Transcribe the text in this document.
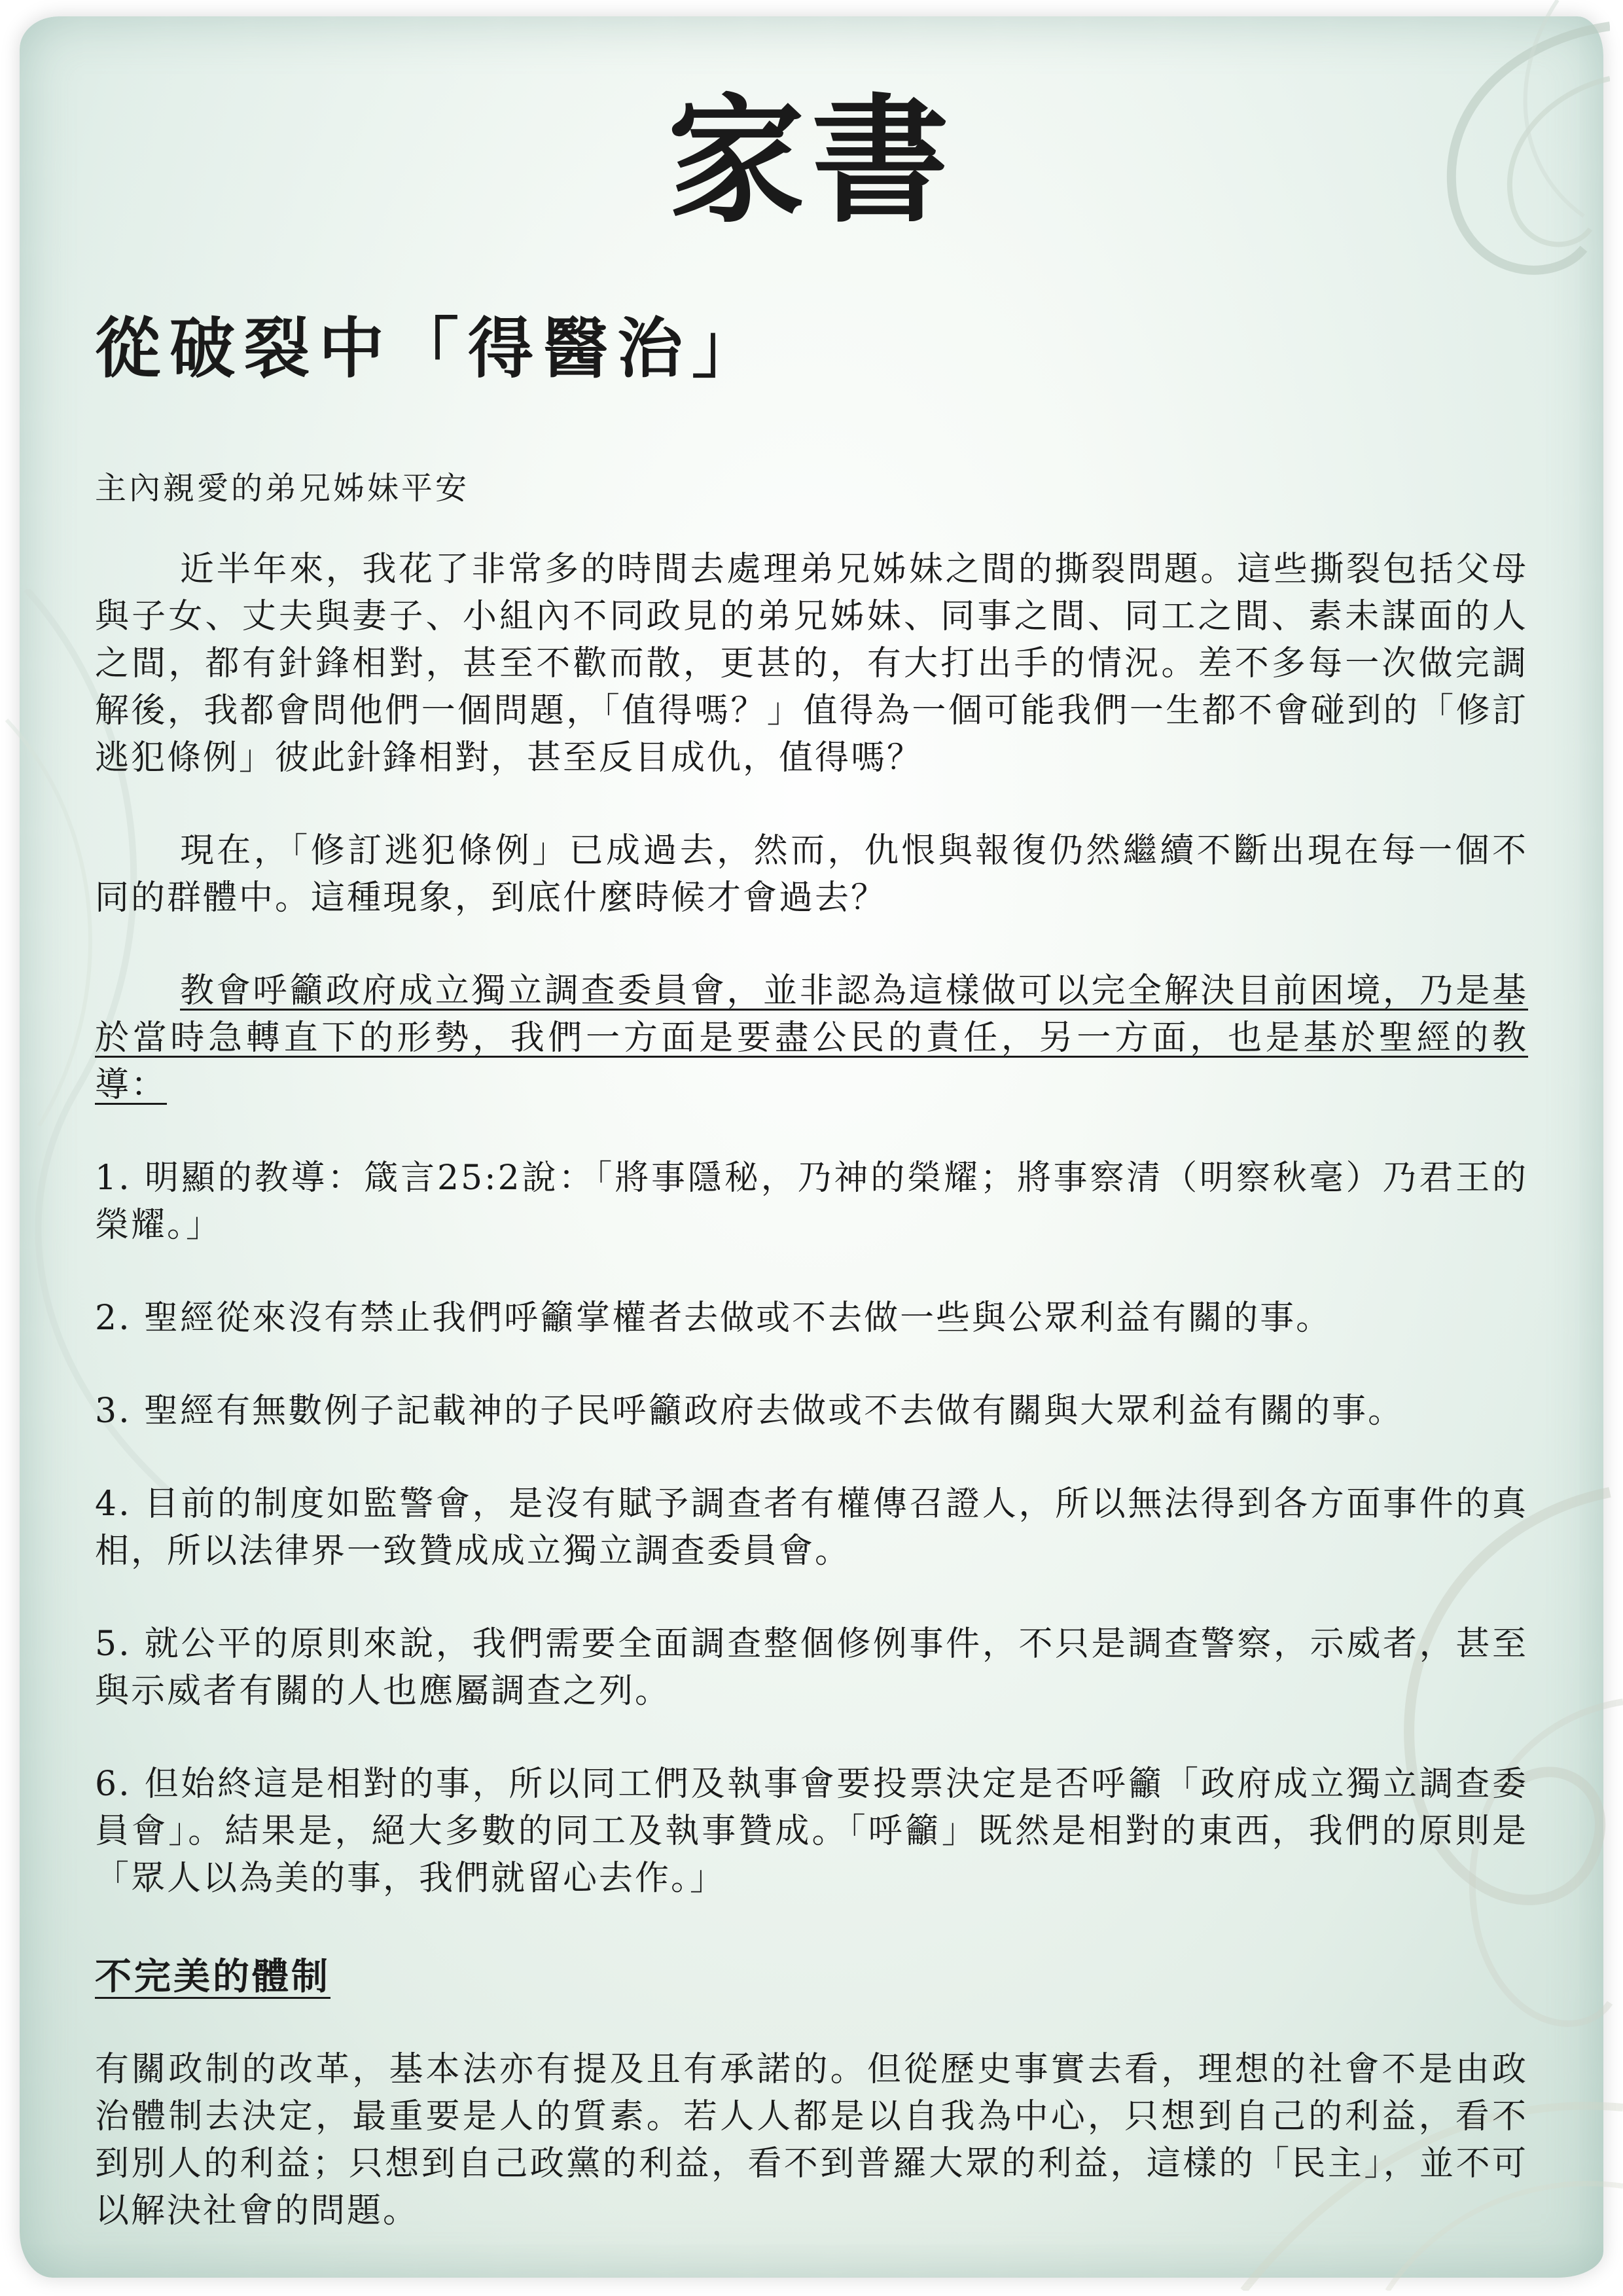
家書
從破裂中「得醫治」

主內親愛的弟兄姊妹平安

近半年來，我花了非常多的時間去處理弟兄姊妹之間的撕裂問題。這些撕裂包括父母與子女、丈夫與妻子、小組內不同政見的弟兄姊妹、同事之間、同工之間、素未謀面的人之間，都有針鋒相對，甚至不歡而散，更甚的，有大打出手的情況。差不多每一次做完調解後，我都會問他們一個問題，「值得嗎？」值得為一個可能我們一生都不會碰到的「修訂逃犯條例」彼此針鋒相對，甚至反目成仇，值得嗎？

現在，「修訂逃犯條例」已成過去，然而，仇恨與報復仍然繼續不斷出現在每一個不同的群體中。這種現象，到底什麼時候才會過去？

教會呼籲政府成立獨立調查委員會，並非認為這樣做可以完全解決目前困境，乃是基於當時急轉直下的形勢，我們一方面是要盡公民的責任，另一方面，也是基於聖經的教導：

1. 明顯的教導：箴言25:2說：「將事隱秘，乃神的榮耀；將事察清（明察秋毫）乃君王的榮耀。」

2. 聖經從來沒有禁止我們呼籲掌權者去做或不去做一些與公眾利益有關的事。

3. 聖經有無數例子記載神的子民呼籲政府去做或不去做有關與大眾利益有關的事。

4. 目前的制度如監警會，是沒有賦予調查者有權傳召證人，所以無法得到各方面事件的真相，所以法律界一致贊成成立獨立調查委員會。

5. 就公平的原則來說，我們需要全面調查整個修例事件，不只是調查警察，示威者，甚至與示威者有關的人也應屬調查之列。

6. 但始終這是相對的事，所以同工們及執事會要投票決定是否呼籲「政府成立獨立調查委員會」。結果是，絕大多數的同工及執事贊成。「呼籲」既然是相對的東西，我們的原則是「眾人以為美的事，我們就留心去作。」

不完美的體制

有關政制的改革，基本法亦有提及且有承諾的。但從歷史事實去看，理想的社會不是由政治體制去決定，最重要是人的質素。若人人都是以自我為中心，只想到自己的利益，看不到別人的利益；只想到自己政黨的利益，看不到普羅大眾的利益，這樣的「民主」，並不可以解決社會的問題。
